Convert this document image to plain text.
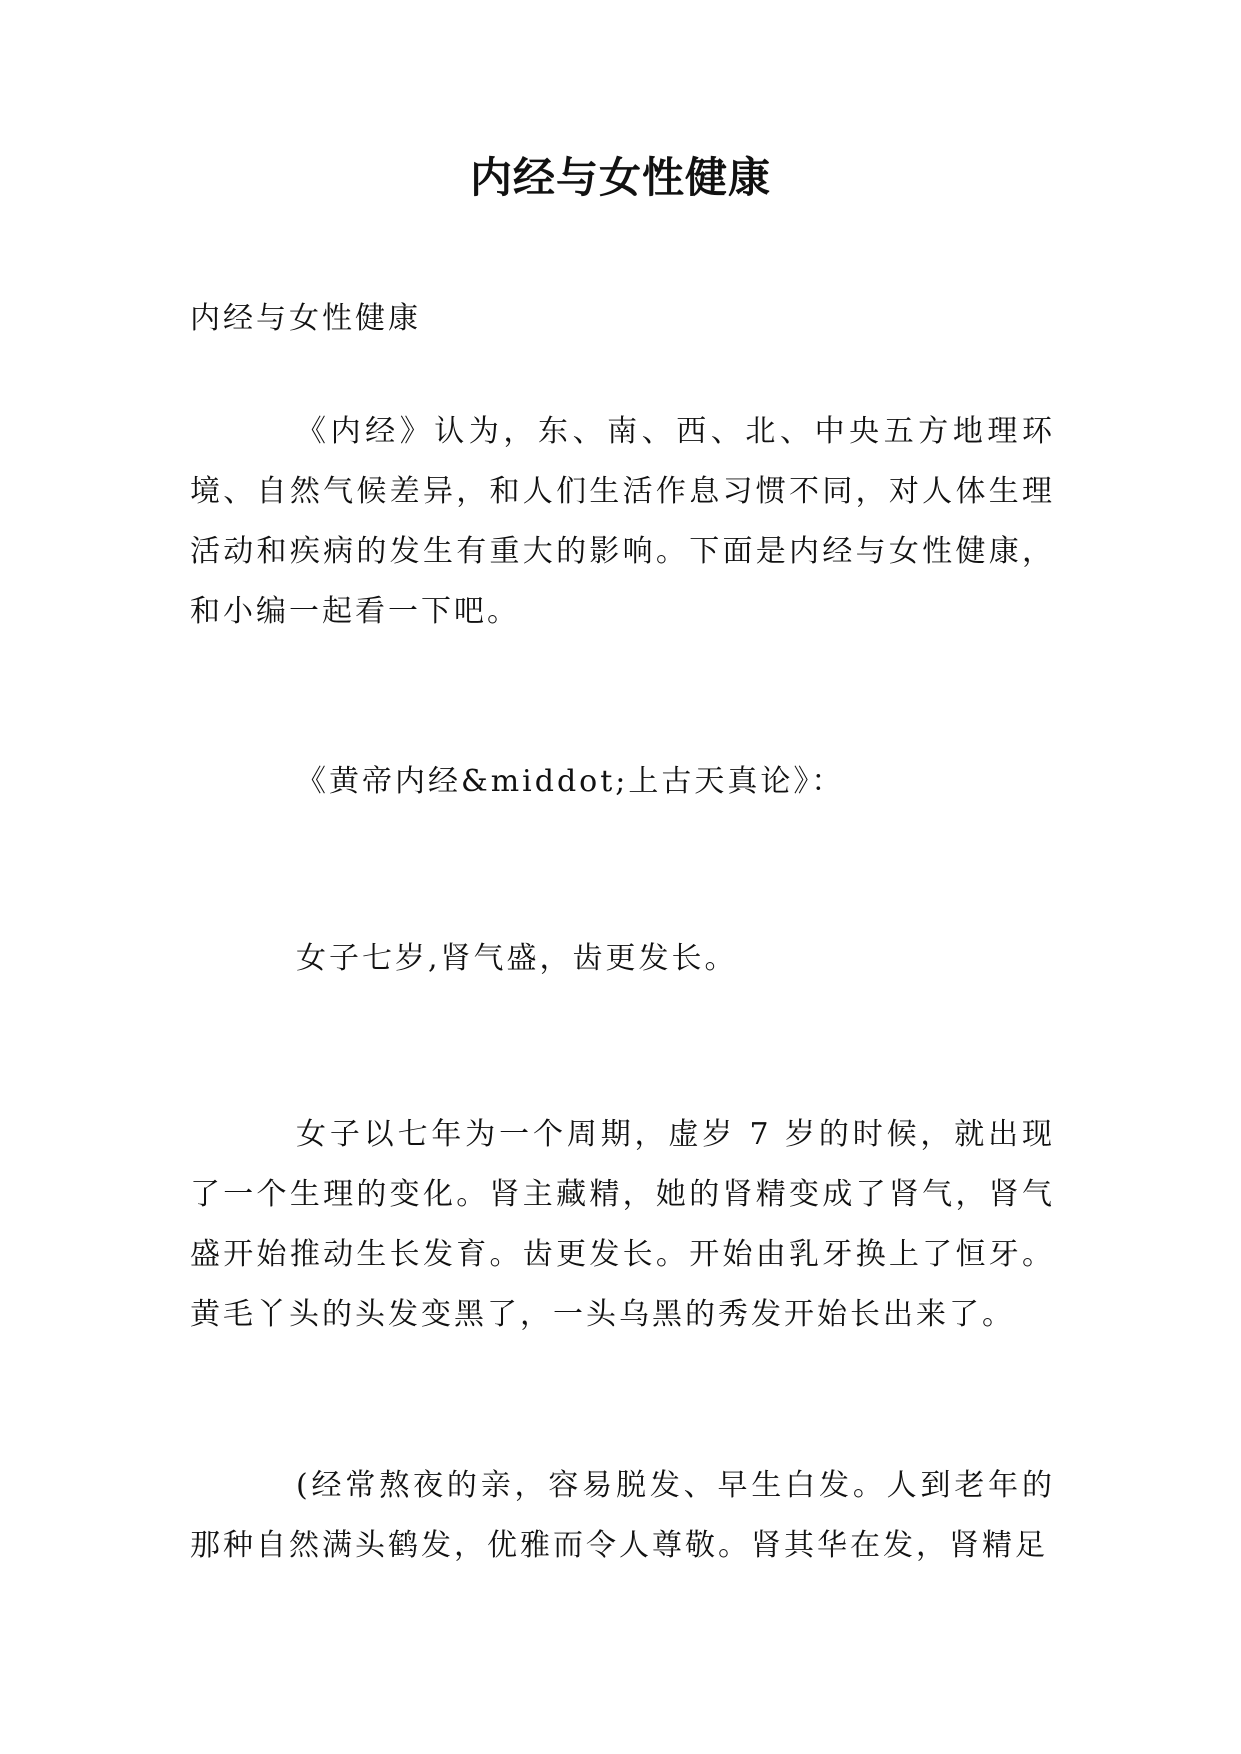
内经与女性健康

内经与女性健康

《内经》认为，东、南、西、北、中央五方地理环境、自然气候差异，和人们生活作息习惯不同，对人体生理活动和疾病的发生有重大的影响。下面是内经与女性健康，和小编一起看一下吧。

《黄帝内经&middot;上古天真论》：

女子七岁,肾气盛，齿更发长。

女子以七年为一个周期，虚岁 7 岁的时候，就出现了一个生理的变化。肾主藏精，她的肾精变成了肾气，肾气盛开始推动生长发育。齿更发长。开始由乳牙换上了恒牙。黄毛丫头的头发变黑了，一头乌黑的秀发开始长出来了。

(经常熬夜的亲，容易脱发、早生白发。人到老年的那种自然满头鹤发，优雅而令人尊敬。肾其华在发，肾精足
